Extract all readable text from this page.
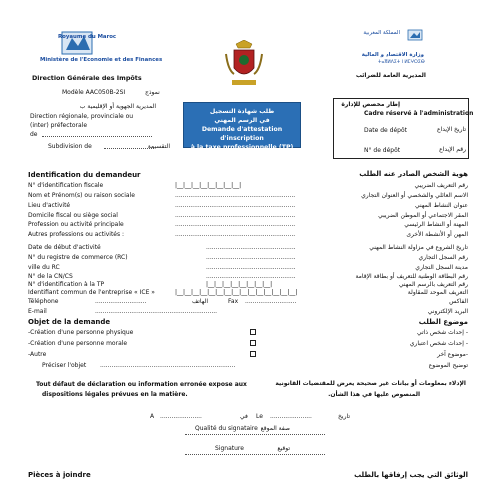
Royaume du Maroc
Ministère de l'Economie et des Finances
Direction Générale des Impôts
Modèle AAC050B-2SI	نموذج
المملكة المغربية
وزارة الاقتصاد و المالية
ⵜⴰⴳⵍⴷⵉⵜ ⵏ ⵍⵎⵖⵔⵉⴱ
المديرية العامة للضرائب
المديرية الجهوية أو الإقليمية ب
Direction régionale, provinciale ou
(inter) préfectorale
de
Subdivision de	التقسيمة
طلب شهادة التسجيل
في الرسم المهني
Demande d'attestation d'inscription
à la taxe professionnelle (TP)
إطار مخصص للإدارة
Cadre réservé à l'administration
Date de dépôt	تاريخ الإيداع
N° de dépôt	رقم الإيداع
Identification du demandeur	هوية الشخص الصادر عنه الطلب
N° d'identification fiscale	|__|__|__|__|__|__|__|__|	رقم التعريف الضريبي
Nom et Prénom(s) ou raison sociale	...............................................................	الاسم العائلي والشخصي أو العنوان التجاري
Lieu d'activité	...............................................................	عنوان النشاط المهني
Domicile fiscal ou siège social	...............................................................	المقر الاجتماعي أو الموطن الضريبي
Profession ou activité principale	...............................................................	المهنة أو النشاط الرئيسي
Autres professions ou activités :	...............................................................	المهن أو الأنشطة الأخرى
Date de début d'activité	...............................................	تاريخ الشروع في مزاولة النشاط المهني
N° du registre de commerce (RC)	...............................................	رقم السجل التجاري
ville du RC	...............................................	مدينة السجل التجاري
N° de la CN/CS	...............................................	رقم البطاقة الوطنية للتعريف أو بطاقة الإقامة
N° d'identification à la TP	|__|__|__|__|__|__|__|__|	رقم التعريف بالرسم المهني
Identifiant commun de l'entreprise « ICE »	|__|__|__|__|__|__|__|__|__|__|__|__|__|__|__|	التعريف الموحد للمقاولة
Téléphone	...........................	الهاتف	Fax ...........................	الفاكس
E-mail	................................................................	البريد الإلكتروني
Objet de la demande	موضوع الطلب
-Création d'une personne physique	- إحداث شخص ذاتي
-Création d'une personne morale	- إحداث شخص اعتباري
-Autre	-موضوع آخر
Préciser l'objet .......................................................................	توضيح الموضوع
Tout défaut de déclaration ou information erronée expose aux
dispositions légales prévues en la matière.
الإدلاء بمعلومات أو بيانات غير صحيحة يعرض للمقتضيات القانونية
المنصوص عليها في هذا الشأن.
A ......................	في Le ......................	تاريخ
Qualité du signataire صفة الموقع
Signature	توقيع
Pièces à joindre	الوثائق التي يجب إرفاقها بالطلب
